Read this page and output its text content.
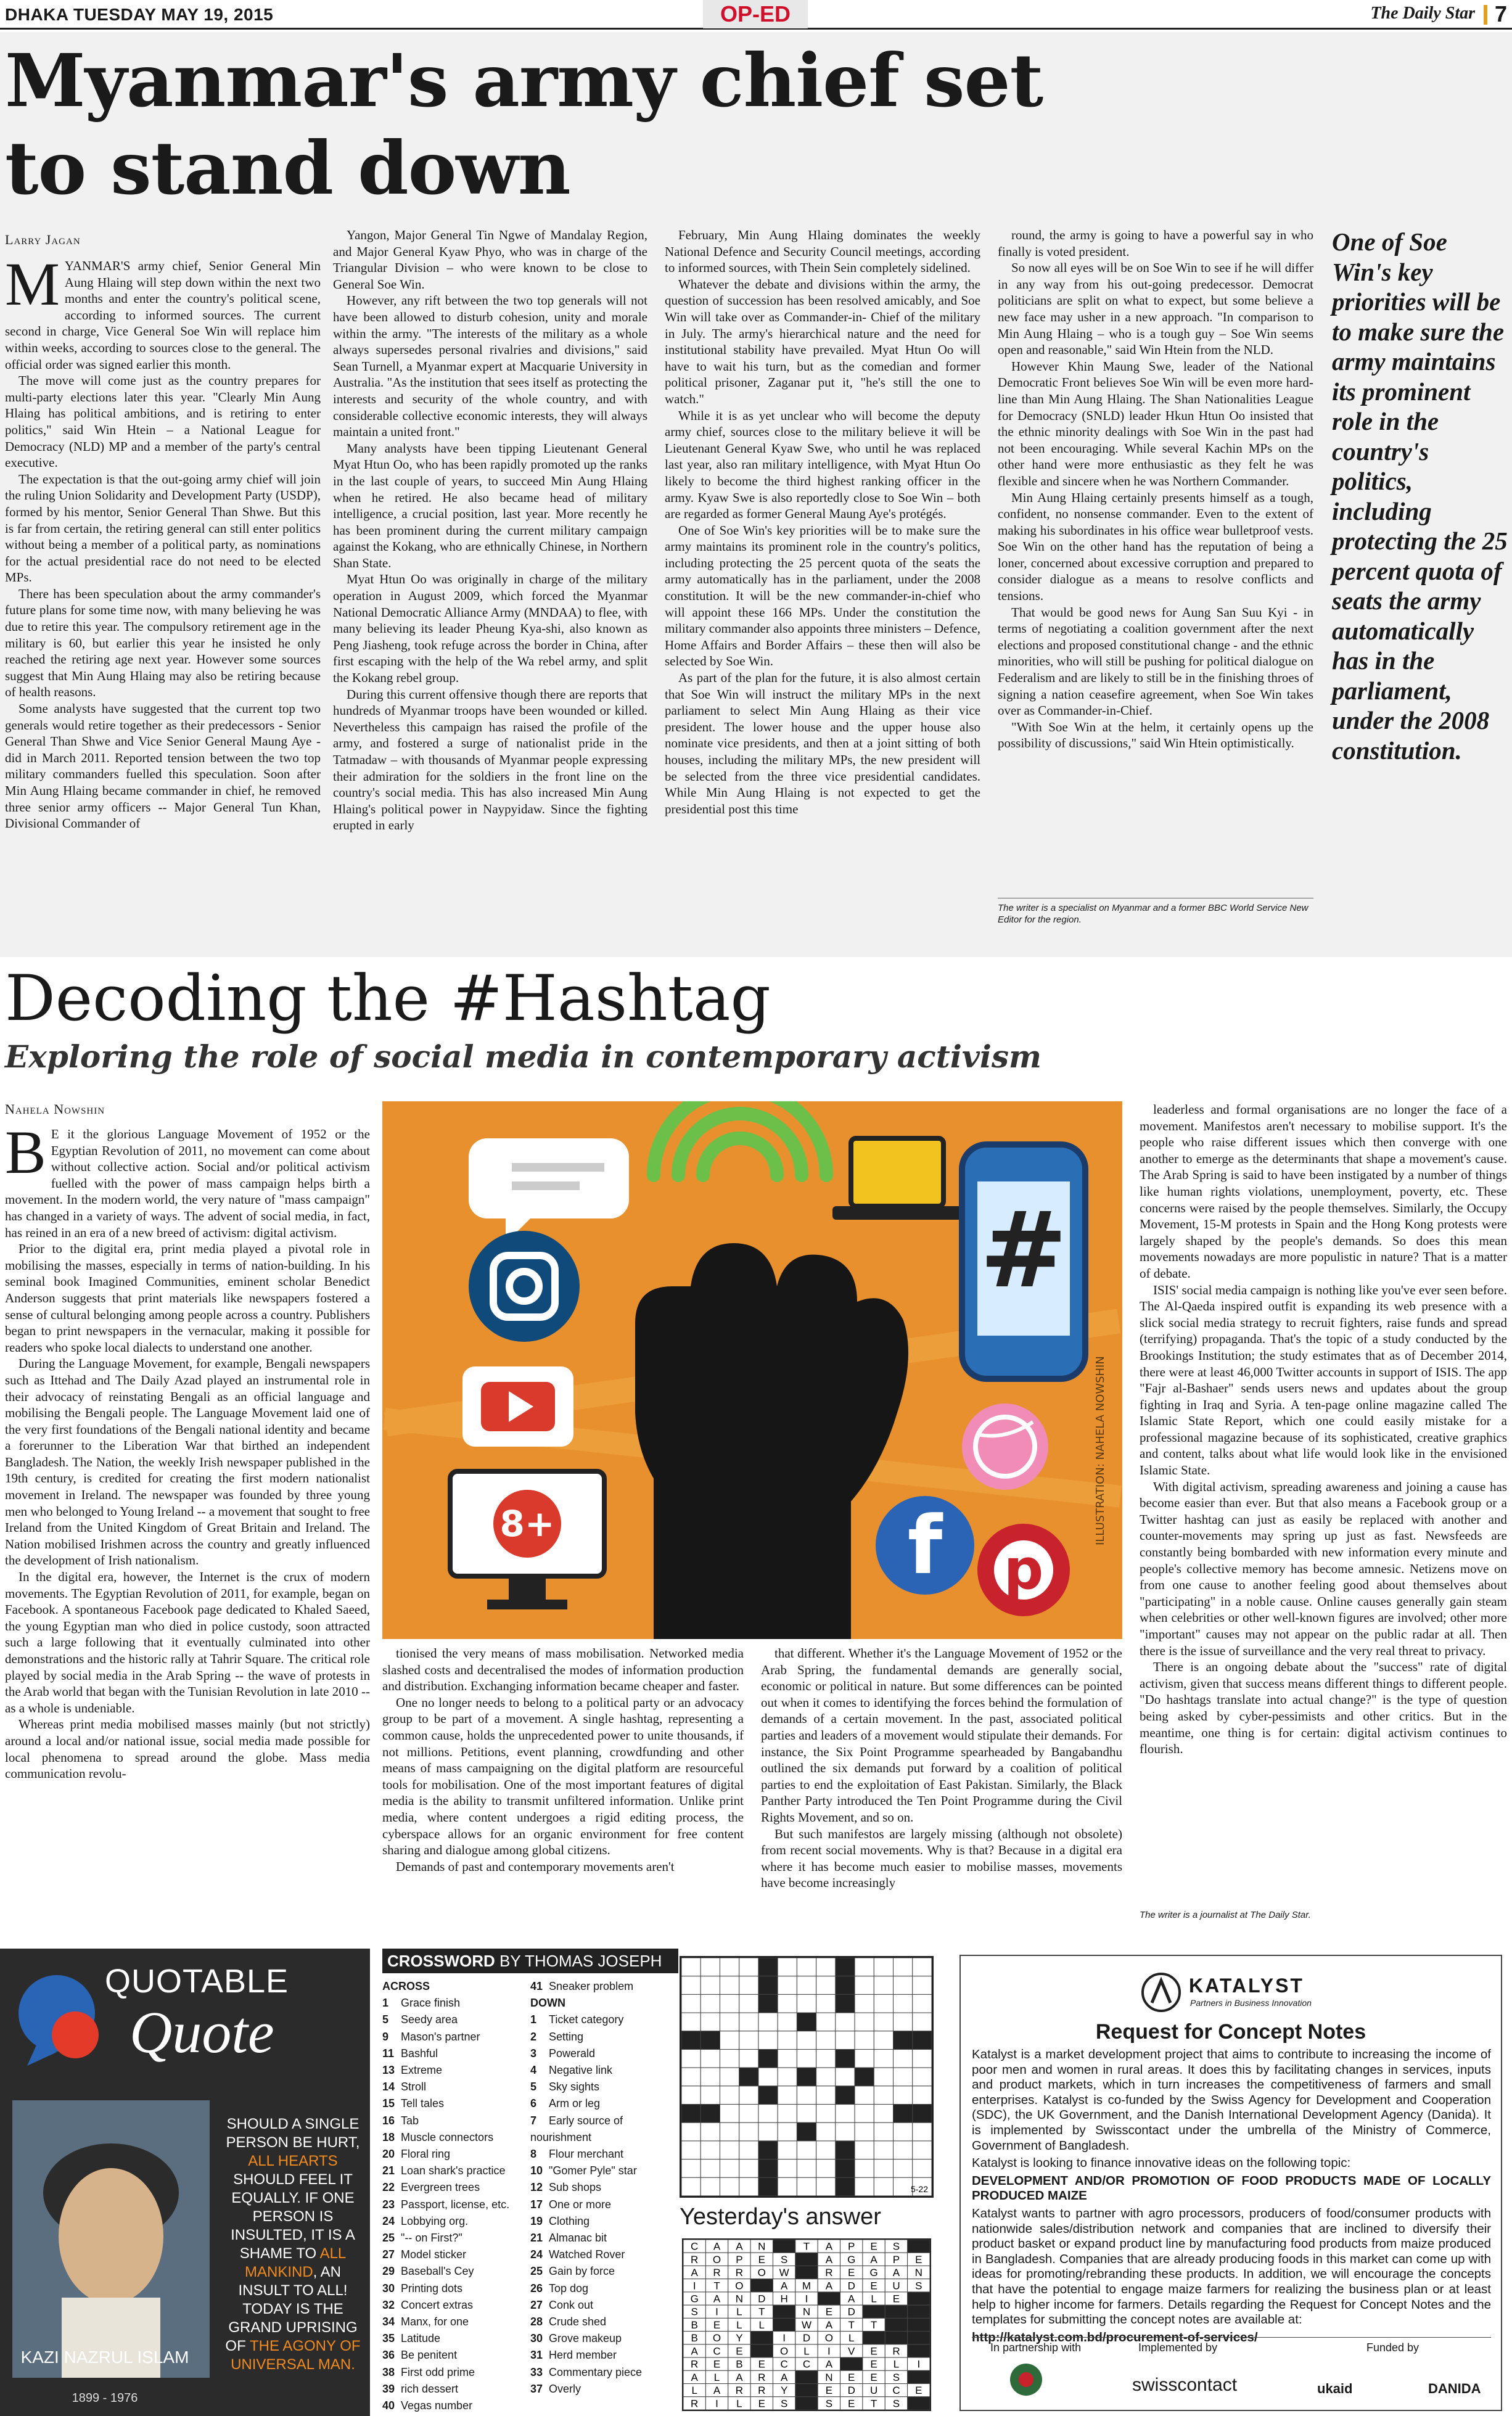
DHAKA TUESDAY MAY 19, 2015	OP-ED	The Daily Star 7
Myanmar's army chief set
to stand down
Larry Jagan

MYANMAR'S army chief, Senior General Min Aung Hlaing will step down within the next two months and enter the country's political scene, according to informed sources. The current second in charge, Vice General Soe Win will replace him within weeks, according to sources close to the general. The official order was signed earlier this month.

The move will come just as the country prepares for multi-party elections later this year. "Clearly Min Aung Hlaing has political ambitions, and is retiring to enter politics," said Win Htein – a National League for Democracy (NLD) MP and a member of the party's central executive.

The expectation is that the out-going army chief will join the ruling Union Solidarity and Development Party (USDP), formed by his mentor, Senior General Than Shwe. But this is far from certain, the retiring general can still enter politics without being a member of a political party, as nominations for the actual presidential race do not need to be elected MPs.

There has been speculation about the army commander's future plans for some time now, with many believing he was due to retire this year. The compulsory retirement age in the military is 60, but earlier this year he insisted he only reached the retiring age next year. However some sources suggest that Min Aung Hlaing may also be retiring because of health reasons.

Some analysts have suggested that the current top two generals would retire together as their predecessors - Senior General Than Shwe and Vice Senior General Maung Aye - did in March 2011. Reported tension between the two top military commanders fuelled this speculation. Soon after Min Aung Hlaing became commander in chief, he removed three senior army officers -- Major General Tun Khan, Divisional Commander of

Yangon, Major General Tin Ngwe of Mandalay Region, and Major General Kyaw Phyo, who was in charge of the Triangular Division – who were known to be close to General Soe Win.

However, any rift between the two top generals will not have been allowed to disturb cohesion, unity and morale within the army. "The interests of the military as a whole always supersedes personal rivalries and divisions," said Sean Turnell, a Myanmar expert at Macquarie University in Australia. "As the institution that sees itself as protecting the interests and security of the whole country, and with considerable collective economic interests, they will always maintain a united front."

Many analysts have been tipping Lieutenant General Myat Htun Oo, who has been rapidly promoted up the ranks in the last couple of years, to succeed Min Aung Hlaing when he retired. He also became head of military intelligence, a crucial position, last year. More recently he has been prominent during the current military campaign against the Kokang, who are ethnically Chinese, in Northern Shan State.

Myat Htun Oo was originally in charge of the military operation in August 2009, which forced the Myanmar National Democratic Alliance Army (MNDAA) to flee, with many believing its leader Pheung Kya-shi, also known as Peng Jiasheng, took refuge across the border in China, after first escaping with the help of the Wa rebel army, and split the Kokang rebel group.

During this current offensive though there are reports that hundreds of Myanmar troops have been wounded or killed. Nevertheless this campaign has raised the profile of the army, and fostered a surge of nationalist pride in the Tatmadaw – with thousands of Myanmar people expressing their admiration for the soldiers in the front line on the country's social media. This has also increased Min Aung Hlaing's political power in Naypyidaw. Since the fighting erupted in early

February, Min Aung Hlaing dominates the weekly National Defence and Security Council meetings, according to informed sources, with Thein Sein completely sidelined.

Whatever the debate and divisions within the army, the question of succession has been resolved amicably, and Soe Win will take over as Commander-in- Chief of the military in July. The army's hierarchical nature and the need for institutional stability have prevailed. Myat Htun Oo will have to wait his turn, but as the comedian and former political prisoner, Zaganar put it, "he's still the one to watch."

While it is as yet unclear who will become the deputy army chief, sources close to the military believe it will be Lieutenant General Kyaw Swe, who until he was replaced last year, also ran military intelligence, with Myat Htun Oo likely to become the third highest ranking officer in the army. Kyaw Swe is also reportedly close to Soe Win – both are regarded as former General Maung Aye's protégés.

One of Soe Win's key priorities will be to make sure the army maintains its prominent role in the country's politics, including protecting the 25 percent quota of the seats the army automatically has in the parliament, under the 2008 constitution. It will be the new commander-in-chief who will appoint these 166 MPs. Under the constitution the military commander also appoints three ministers – Defence, Home Affairs and Border Affairs – these then will also be selected by Soe Win.

As part of the plan for the future, it is also almost certain that Soe Win will instruct the military MPs in the next parliament to select Min Aung Hlaing as their vice president. The lower house and the upper house also nominate vice presidents, and then at a joint sitting of both houses, including the military MPs, the new president will be selected from the three vice presidential candidates. While Min Aung Hlaing is not expected to get the presidential post this time

round, the army is going to have a powerful say in who finally is voted president.

So now all eyes will be on Soe Win to see if he will differ in any way from his out-going predecessor. Democrat politicians are split on what to expect, but some believe a new face may usher in a new approach. "In comparison to Min Aung Hlaing – who is a tough guy – Soe Win seems open and reasonable," said Win Htein from the NLD.

However Khin Maung Swe, leader of the National Democratic Front believes Soe Win will be even more hard-line than Min Aung Hlaing. The Shan Nationalities League for Democracy (SNLD) leader Hkun Htun Oo insisted that the ethnic minority dealings with Soe Win in the past had not been encouraging. While several Kachin MPs on the other hand were more enthusiastic as they felt he was flexible and sincere when he was Northern Commander.

Min Aung Hlaing certainly presents himself as a tough, confident, no nonsense commander. Even to the extent of making his subordinates in his office wear bulletproof vests. Soe Win on the other hand has the reputation of being a loner, concerned about excessive corruption and prepared to consider dialogue as a means to resolve conflicts and tensions.

That would be good news for Aung San Suu Kyi - in terms of negotiating a coalition government after the next elections and proposed constitutional change - and the ethnic minorities, who will still be pushing for political dialogue on Federalism and are likely to still be in the finishing throes of signing a nation ceasefire agreement, when Soe Win takes over as Commander-in-Chief.

"With Soe Win at the helm, it certainly opens up the possibility of discussions," said Win Htein optimistically.

The writer is a specialist on Myanmar and a former BBC World Service New Editor for the region.
One of Soe Win's key priorities will be to make sure the army maintains its prominent role in the country's politics, including protecting the 25 percent quota of seats the army automatically has in the parliament, under the 2008 constitution.
Decoding the #Hashtag
Exploring the role of social media in contemporary activism
Nahela Nowshin

B E it the glorious Language Movement of 1952 or the Egyptian Revolution of 2011, no movement can come about without collective action. Social and/or political activism fuelled with the power of mass campaign helps birth a movement. In the modern world, the very nature of "mass campaign" has changed in a variety of ways. The advent of social media, in fact, has reined in an era of a new breed of activism: digital activism.

Prior to the digital era, print media played a pivotal role in mobilising the masses, especially in terms of nation-building. In his seminal book Imagined Communities, eminent scholar Benedict Anderson suggests that print materials like newspapers fostered a sense of cultural belonging among people across a country. Publishers began to print newspapers in the vernacular, making it possible for readers who spoke local dialects to understand one another.

During the Language Movement, for example, Bengali newspapers such as Ittehad and The Daily Azad played an instrumental role in their advocacy of reinstating Bengali as an official language and mobilising the Bengali people. The Language Movement laid one of the very first foundations of the Bengali national identity and became a forerunner to the Liberation War that birthed an independent Bangladesh. The Nation, the weekly Irish newspaper published in the 19th century, is credited for creating the first modern nationalist movement in Ireland. The newspaper was founded by three young men who belonged to Young Ireland -- a movement that sought to free Ireland from the United Kingdom of Great Britain and Ireland. The Nation mobilised Irishmen across the country and greatly influenced the development of Irish nationalism.

In the digital era, however, the Internet is the crux of modern movements. The Egyptian Revolution of 2011, for example, began on Facebook. A spontaneous Facebook page dedicated to Khaled Saeed, the young Egyptian man who died in police custody, soon attracted such a large following that it eventually culminated into other demonstrations and the historic rally at Tahrir Square. The critical role played by social media in the Arab Spring -- the wave of protests in the Arab world that began with the Tunisian Revolution in late 2010 -- as a whole is undeniable.

Whereas print media mobilised masses mainly (but not strictly) around a local and/or national issue, social media made possible for local phenomena to spread around the globe. Mass media communication revolu-

tionised the very means of mass mobilisation. Networked media slashed costs and decentralised the modes of information production and distribution. Exchanging information became cheaper and faster.

One no longer needs to belong to a political party or an advocacy group to be part of a movement. A single hashtag, representing a common cause, holds the unprecedented power to unite thousands, if not millions. Petitions, event planning, crowdfunding and other means of mass campaigning on the digital platform are resourceful tools for mobilisation. One of the most important features of digital media is the ability to transmit unfiltered information. Unlike print media, where content undergoes a rigid editing process, the cyberspace allows for an organic environment for free content sharing and dialogue among global citizens.

Demands of past and contemporary movements aren't

that different. Whether it's the Language Movement of 1952 or the Arab Spring, the fundamental demands are generally social, economic or political in nature. But some differences can be pointed out when it comes to identifying the forces behind the formulation of demands of a certain movement. In the past, associated political parties and leaders of a movement would stipulate their demands. For instance, the Six Point Programme spearheaded by Bangabandhu outlined the six demands put forward by a coalition of political parties to end the exploitation of East Pakistan. Similarly, the Black Panther Party introduced the Ten Point Programme during the Civil Rights Movement, and so on.

But such manifestos are largely missing (although not obsolete) from recent social movements. Why is that? Because in a digital era where it has become much easier to mobilise masses, movements have become increasingly

leaderless and formal organisations are no longer the face of a movement. Manifestos aren't necessary to mobilise support. It's the people who raise different issues which then converge with one another to emerge as the determinants that shape a movement's cause. The Arab Spring is said to have been instigated by a number of things like human rights violations, unemployment, poverty, etc. These concerns were raised by the people themselves. Similarly, the Occupy Movement, 15-M protests in Spain and the Hong Kong protests were largely shaped by the people's demands. So does this mean movements nowadays are more populistic in nature? That is a matter of debate.

ISIS' social media campaign is nothing like you've ever seen before. The Al-Qaeda inspired outfit is expanding its web presence with a slick social media strategy to recruit fighters, raise funds and spread (terrifying) propaganda. That's the topic of a study conducted by the Brookings Institution; the study estimates that as of December 2014, there were at least 46,000 Twitter accounts in support of ISIS. The app "Fajr al-Bashaer" sends users news and updates about the group fighting in Iraq and Syria. A ten-page online magazine called The Islamic State Report, which one could easily mistake for a professional magazine because of its sophisticated, creative graphics and content, talks about what life would look like in the envisioned Islamic State.

With digital activism, spreading awareness and joining a cause has become easier than ever. But that also means a Facebook group or a Twitter hashtag can just as easily be replaced with another and counter-movements may spring up just as fast. Newsfeeds are constantly being bombarded with new information every minute and people's collective memory has become amnesic. Netizens move on from one cause to another feeling good about themselves about "participating" in a noble cause. Online causes generally gain steam when celebrities or other well-known figures are involved; other more "important" causes may not appear on the public radar at all. Then there is the issue of surveillance and the very real threat to privacy.

There is an ongoing debate about the "success" rate of digital activism, given that success means different things to different people. "Do hashtags translate into actual change?" is the type of question being asked by cyber-pessimists and other critics. But in the meantime, one thing is for certain: digital activism continues to flourish.

The writer is a journalist at The Daily Star.
#
8+	f p
ILLUSTRATION: NAHELA NOWSHIN
QUOTABLE
Quote
KAZI NAZRUL ISLAM
1899 - 1976
SHOULD A SINGLE PERSON BE HURT, ALL HEARTS SHOULD FEEL IT EQUALLY. IF ONE PERSON IS INSULTED, IT IS A SHAME TO ALL MANKIND, AN INSULT TO ALL! TODAY IS THE GRAND UPRISING OF THE AGONY OF UNIVERSAL MAN.
CROSSWORD BY THOMAS JOSEPH
ACROSS
1 Grace finish
5 Seedy area
9 Mason's partner
11 Bashful
13 Extreme
14 Stroll
15 Tell tales
16 Tab
18 Muscle connectors
20 Floral ring
21 Loan shark's practice
22 Evergreen trees
23 Passport, license, etc.
24 Lobbying org.
25 "-- on First?"
27 Model sticker
29 Baseball's Cey
30 Printing dots
32 Concert extras
34 Manx, for one
35 Latitude
36 Be penitent
38 First odd prime
39 rich dessert
40 Vegas number
41 Sneaker problem
DOWN
1 Ticket category
2 Setting
3 Powerald
4 Negative link
5 Sky sights
6 Arm or leg
7 Early source of nourishment
8 Flour merchant
10 "Gomer Pyle" star
12 Sub shops
17 One or more
19 Clothing
21 Almanac bit
24 Watched Rover
25 Gain by force
26 Top dog
27 Conk out
28 Crude shed
30 Grove makeup
31 Herd member
33 Commentary piece
37 Overly
5-22
Yesterday's answer
C A A N	T A P E S
R O P E S	A G A P E
A R R O W	R E G A N
I T O	A M A D E U S
G A N D H I	A L E
S I L T	N E D
B E L L	W A T T
B O Y	I D O L
A C E	O L I V E R
R E B E C C A	E L I
A L A R A	N E E S
L A R R Y	E D U C E
R I L E S	S E T S
KATALYST
Partners in Business Innovation
Request for Concept Notes

Katalyst is a market development project that aims to contribute to increasing the income of poor men and women in rural areas. It does this by facilitating changes in services, inputs and product markets, which in turn increases the competitiveness of farmers and small enterprises. Katalyst is co-funded by the Swiss Agency for Development and Cooperation (SDC), the UK Government, and the Danish International Development Agency (Danida). It is implemented by Swisscontact under the umbrella of the Ministry of Commerce, Government of Bangladesh.

Katalyst is looking to finance innovative ideas on the following topic:

DEVELOPMENT AND/OR PROMOTION OF FOOD PRODUCTS MADE OF LOCALLY PRODUCED MAIZE

Katalyst wants to partner with agro processors, producers of food/consumer products with nationwide sales/distribution network and companies that are inclined to diversify their product basket or expand product line by manufacturing food products from maize produced in Bangladesh. Companies that are already producing foods in this market can come up with ideas for promoting/rebranding these products. In addition, we will encourage the concepts that have the potential to engage maize farmers for realizing the business plan or at least help to higher income for farmers. Details regarding the Request for Concept Notes and the templates for submitting the concept notes are available at:

http://katalyst.com.bd/procurement-of-services/

In partnership with	Implemented by	Funded by
swisscontact	ukaid	DANIDA
